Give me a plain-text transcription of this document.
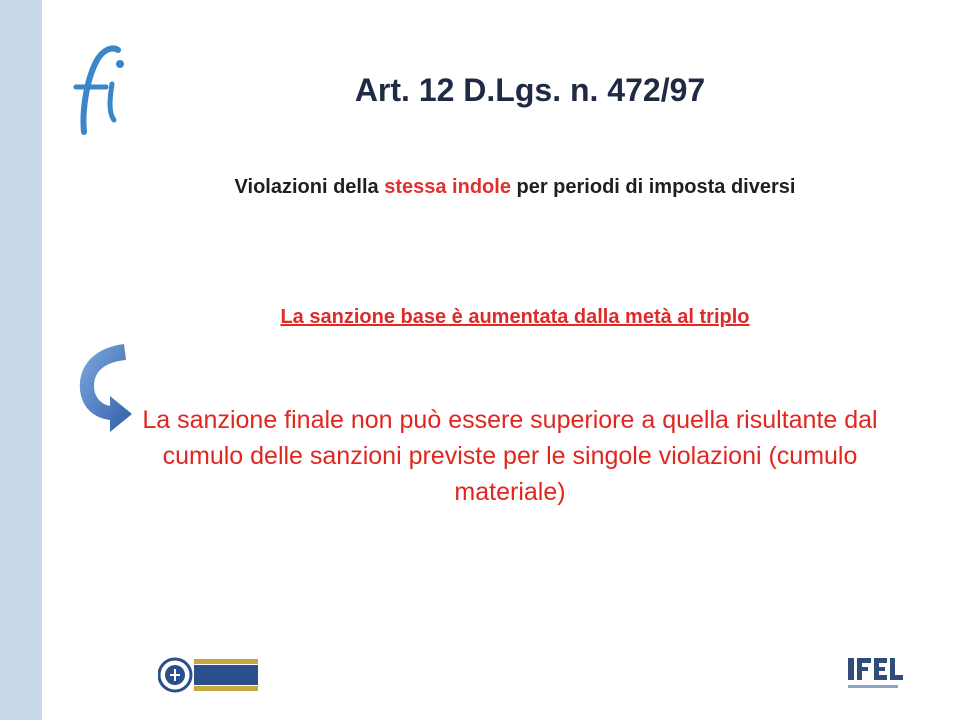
Art. 12 D.Lgs. n. 472/97
Violazioni della stessa indole per periodi di imposta diversi
La sanzione base è aumentata dalla metà al triplo
La sanzione finale non può essere superiore a quella risultante dal cumulo delle sanzioni previste per le singole violazioni (cumulo materiale)
